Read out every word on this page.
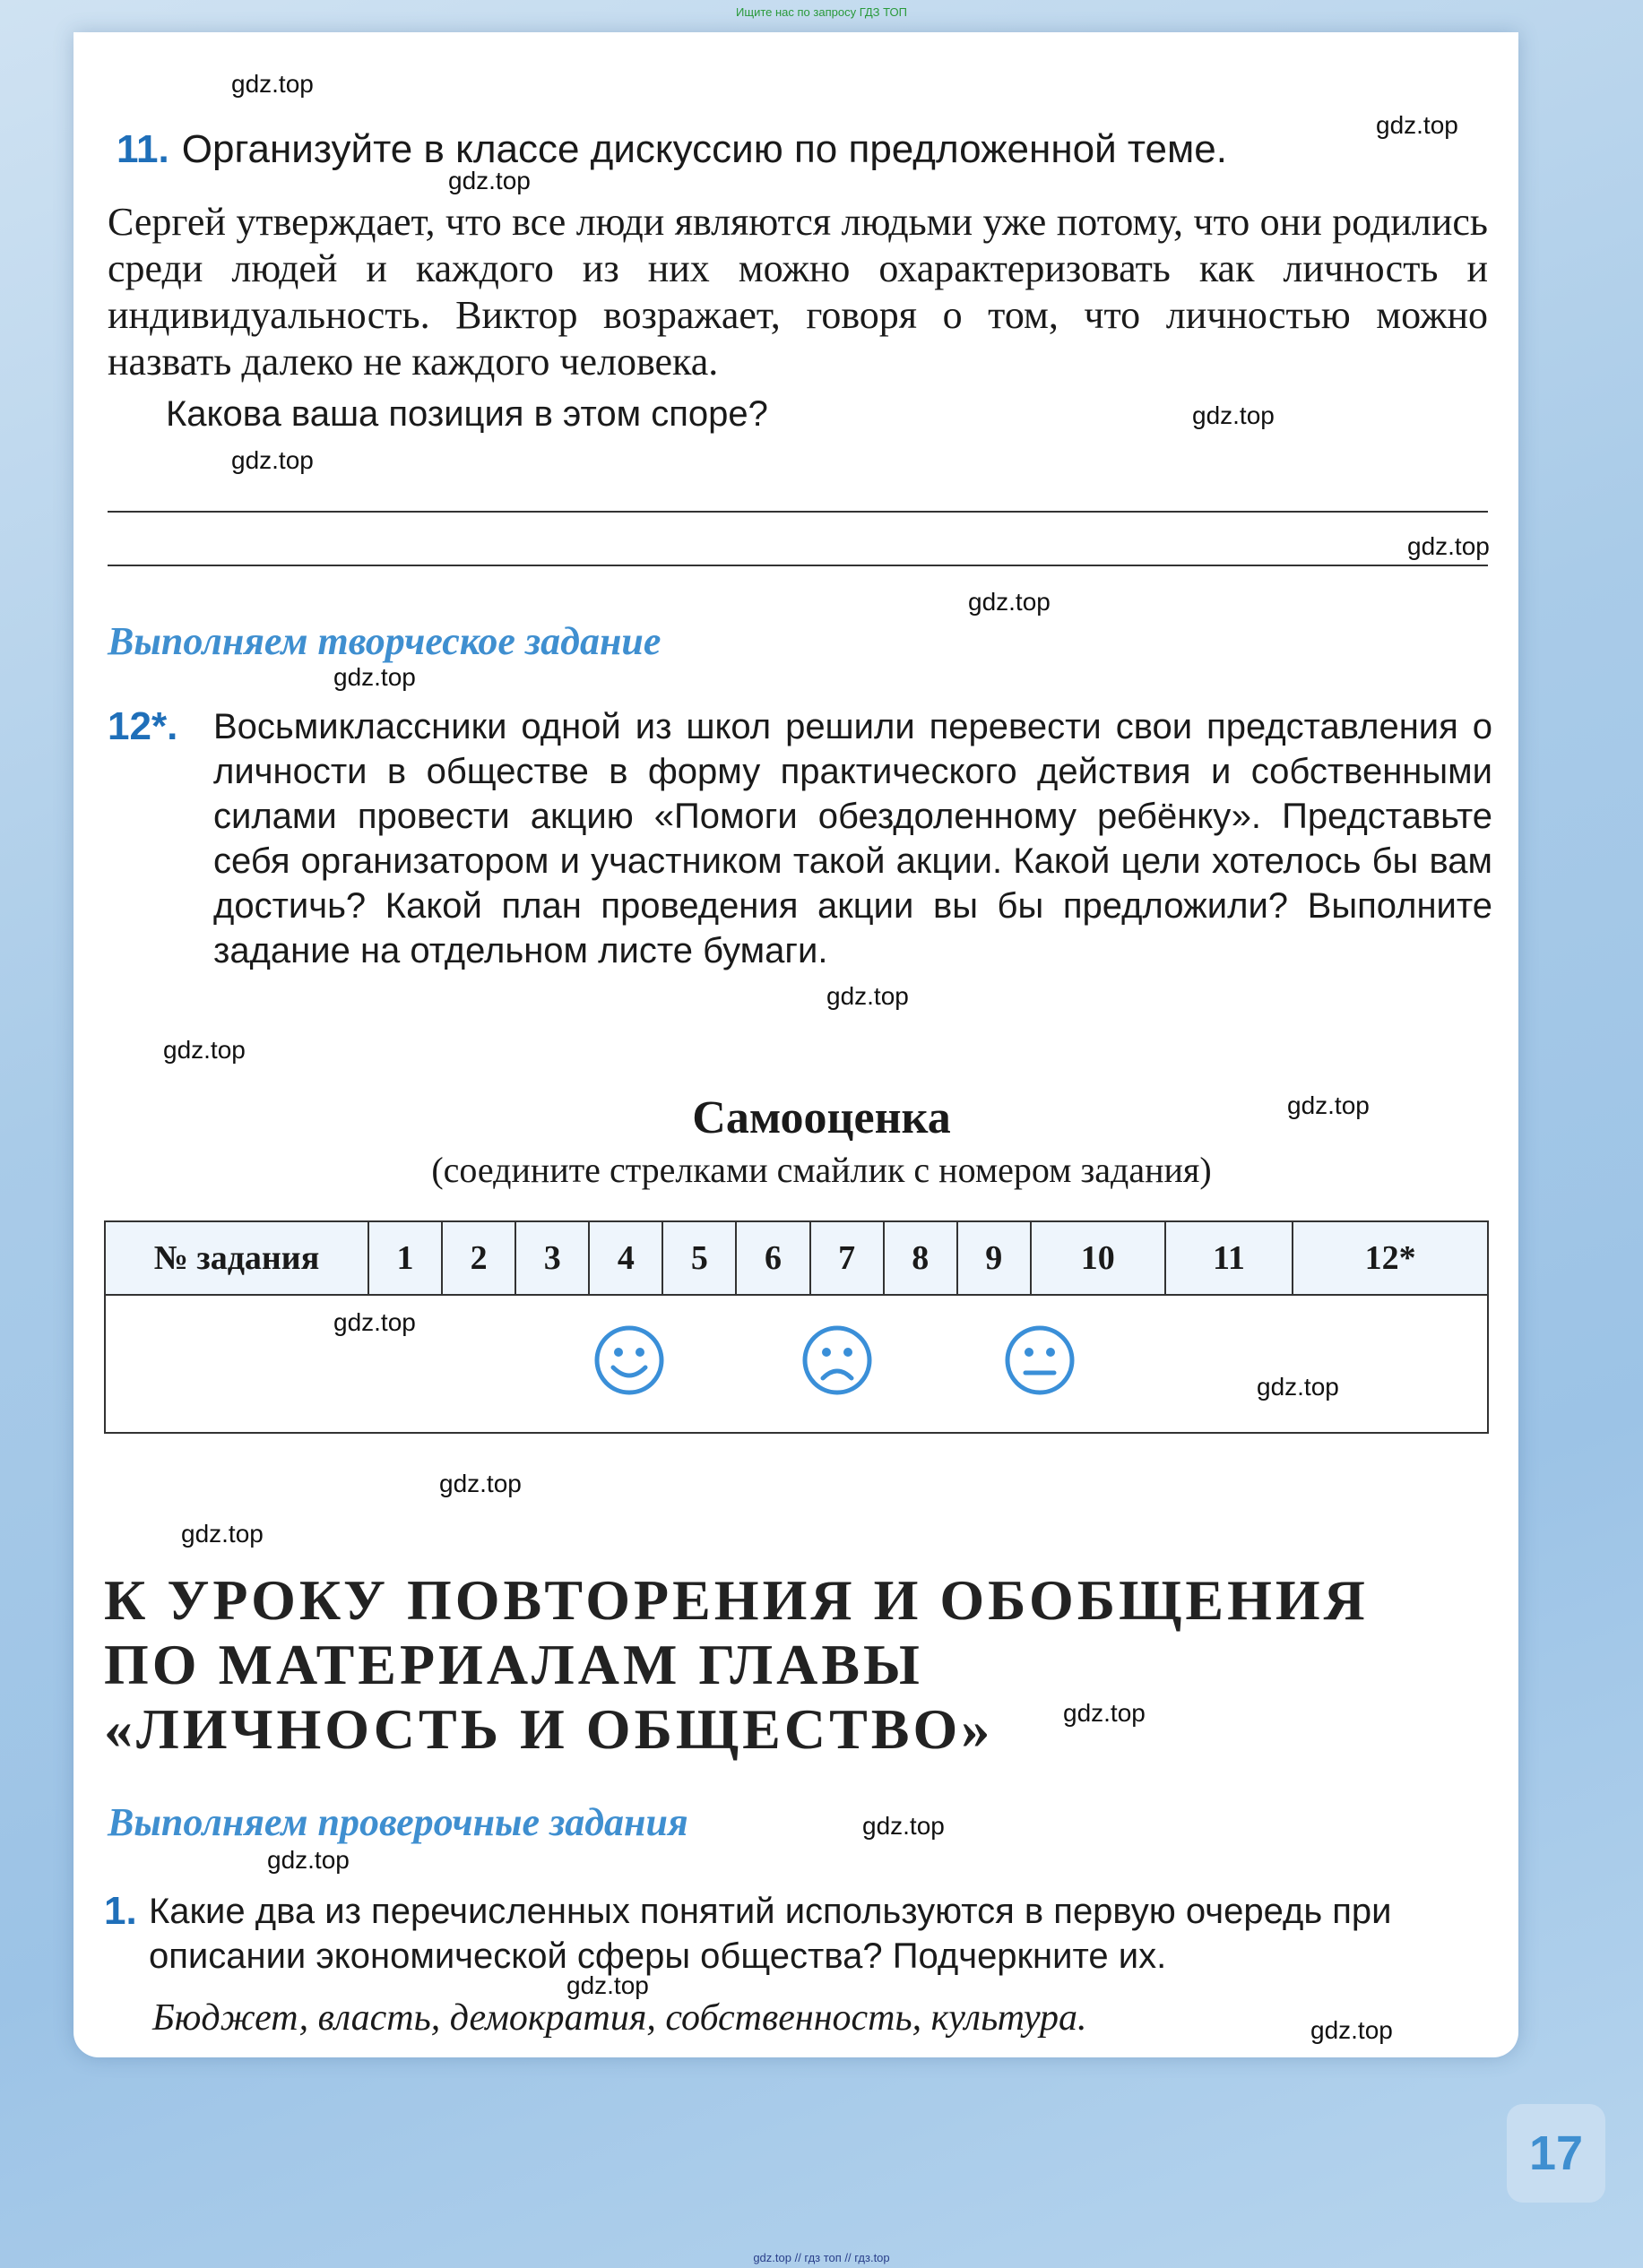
Ищите нас по запросу ГДЗ ТОП
11. Организуйте в классе дискуссию по предложенной теме.
Сергей утверждает, что все люди являются людьми уже потому, что они родились среди людей и каждого из них можно охарактеризовать как личность и индивидуальность. Виктор возражает, говоря о том, что личностью можно назвать далеко не каждого человека.
Какова ваша позиция в этом споре?
Выполняем творческое задание
12*. Восьмиклассники одной из школ решили перевести свои представления о личности в обществе в форму практического действия и собственными силами провести акцию «Помоги обездоленному ребёнку». Представьте себя организатором и участником такой акции. Какой цели хотелось бы вам достичь? Какой план проведения акции вы бы предложили? Выполните задание на отдельном листе бумаги.
Самооценка
(соедините стрелками смайлик с номером задания)
№ задания	1	2	3	4	5	6	7	8	9	10	11	12*

К УРОКУ ПОВТОРЕНИЯ И ОБОБЩЕНИЯ
ПО МАТЕРИАЛАМ ГЛАВЫ
«ЛИЧНОСТЬ И ОБЩЕСТВО»
Выполняем проверочные задания
1. Какие два из перечисленных понятий используются в первую очередь при описании экономической сферы общества? Подчеркните их.
Бюджет, власть, демократия, собственность, культура.
gdz.top
gdz.top
gdz.top
gdz.top
gdz.top
gdz.top
gdz.top
gdz.top
gdz.top
gdz.top
gdz.top
gdz.top
gdz.top
gdz.top
gdz.top
gdz.top
gdz.top
gdz.top
gdz.top
gdz.top
17
gdz.top // гдз топ // гдз.top
